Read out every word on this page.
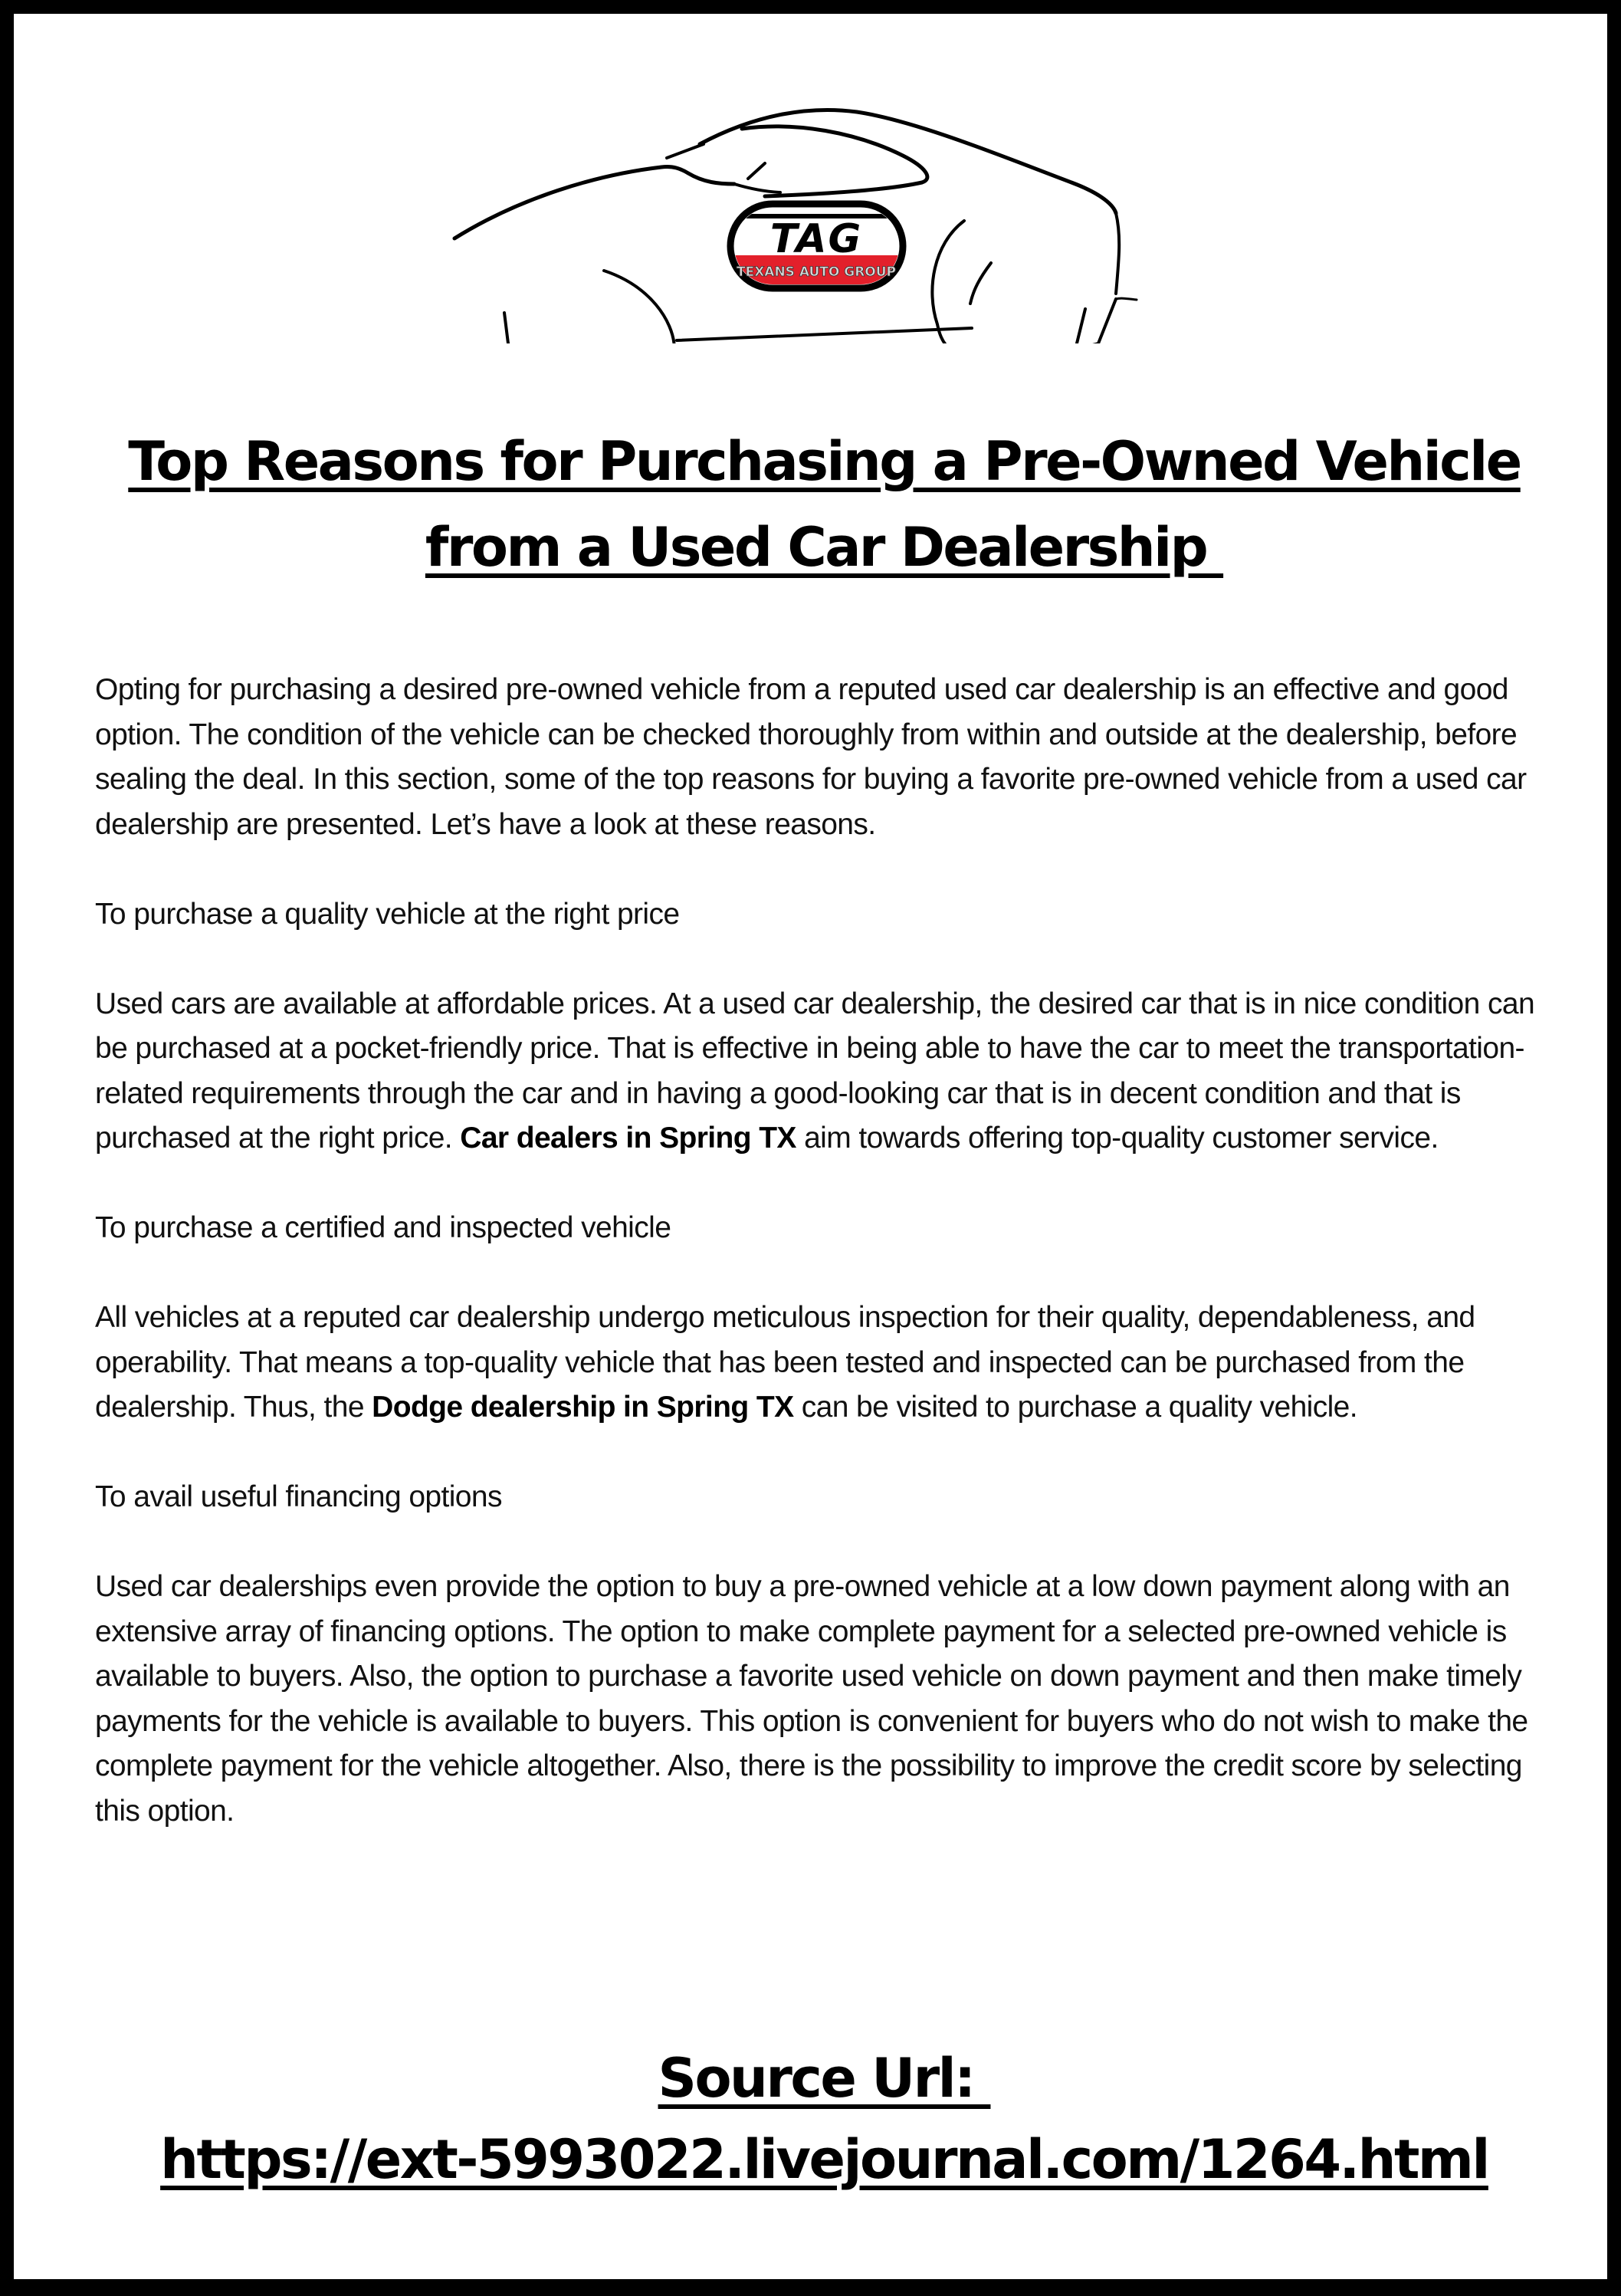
TAG
TEXANS AUTO GROUP
Top Reasons for Purchasing a Pre-Owned Vehicle
from a Used Car Dealership

Opting for purchasing a desired pre-owned vehicle from a reputed used car dealership is an effective and good option. The condition of the vehicle can be checked thoroughly from within and outside at the dealership, before sealing the deal. In this section, some of the top reasons for buying a favorite pre-owned vehicle from a used car dealership are presented. Let’s have a look at these reasons.

To purchase a quality vehicle at the right price

Used cars are available at affordable prices. At a used car dealership, the desired car that is in nice condition can be purchased at a pocket-friendly price. That is effective in being able to have the car to meet the transportation-related requirements through the car and in having a good-looking car that is in decent condition and that is purchased at the right price. Car dealers in Spring TX aim towards offering top-quality customer service.

To purchase a certified and inspected vehicle

All vehicles at a reputed car dealership undergo meticulous inspection for their quality, dependableness, and operability. That means a top-quality vehicle that has been tested and inspected can be purchased from the dealership. Thus, the Dodge dealership in Spring TX can be visited to purchase a quality vehicle.

To avail useful financing options

Used car dealerships even provide the option to buy a pre-owned vehicle at a low down payment along with an extensive array of financing options. The option to make complete payment for a selected pre-owned vehicle is available to buyers. Also, the option to purchase a favorite used vehicle on down payment and then make timely payments for the vehicle is available to buyers. This option is convenient for buyers who do not wish to make the complete payment for the vehicle altogether. Also, there is the possibility to improve the credit score by selecting this option.

Source Url:
https://ext-5993022.livejournal.com/1264.html
